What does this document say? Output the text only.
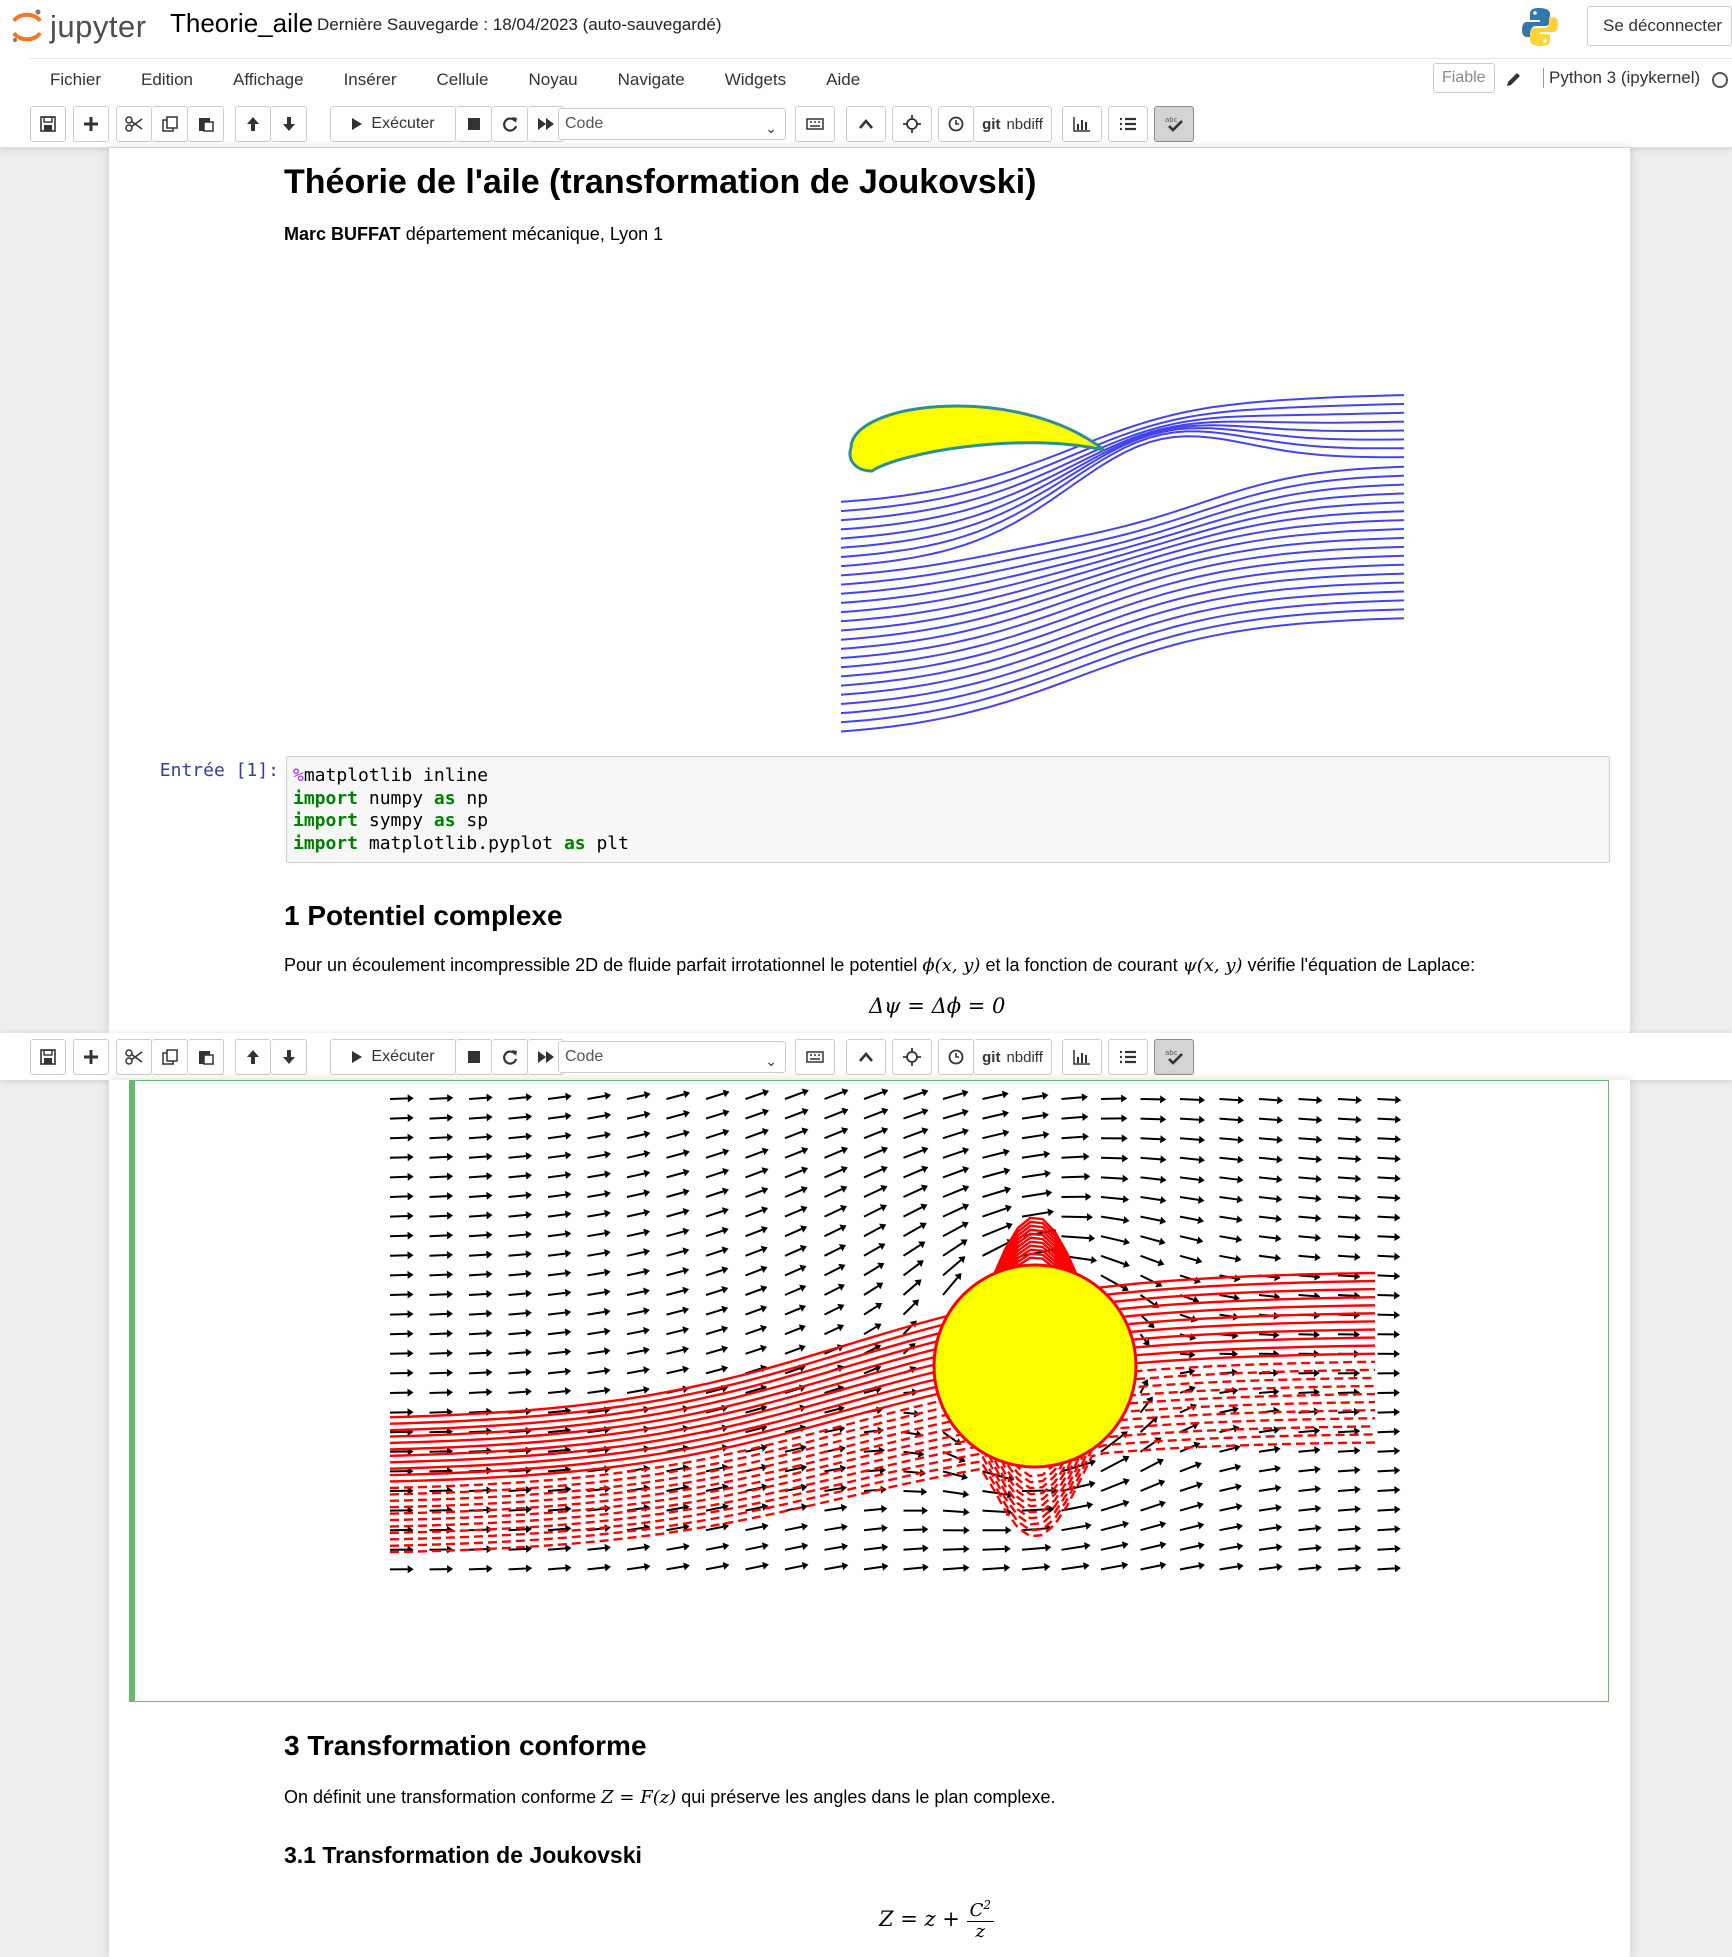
jupyter Theorie_aile Dernière Sauvegarde : 18/04/2023 (auto-sauvegardé)	Se déconnecter
Fichier Edition Affichage Insérer Cellule Noyau Navigate Widgets Aide	Fiable	Python 3 (ipykernel)
Exécuter	Code	⌄	git nbdiff	abc
Théorie de l'aile (transformation de Joukovski)
Marc BUFFAT département mécanique, Lyon 1
Entrée [1]: %matplotlib inline
import numpy as np
import sympy as sp
import matplotlib.pyplot as plt
1 Potentiel complexe
Pour un écoulement incompressible 2D de fluide parfait irrotationnel le potentiel ϕ(x, y) et la fonction de courant ψ(x, y) vérifie l'équation de Laplace:
Δψ = Δϕ = 0
Exécuter	Code	⌄	git nbdiff	abc
3 Transformation conforme
On définit une transformation conforme Z = F(z) qui préserve les angles dans le plan complexe.
3.1 Transformation de Joukovski
$Z = z + \frac{C^2}{z}$
